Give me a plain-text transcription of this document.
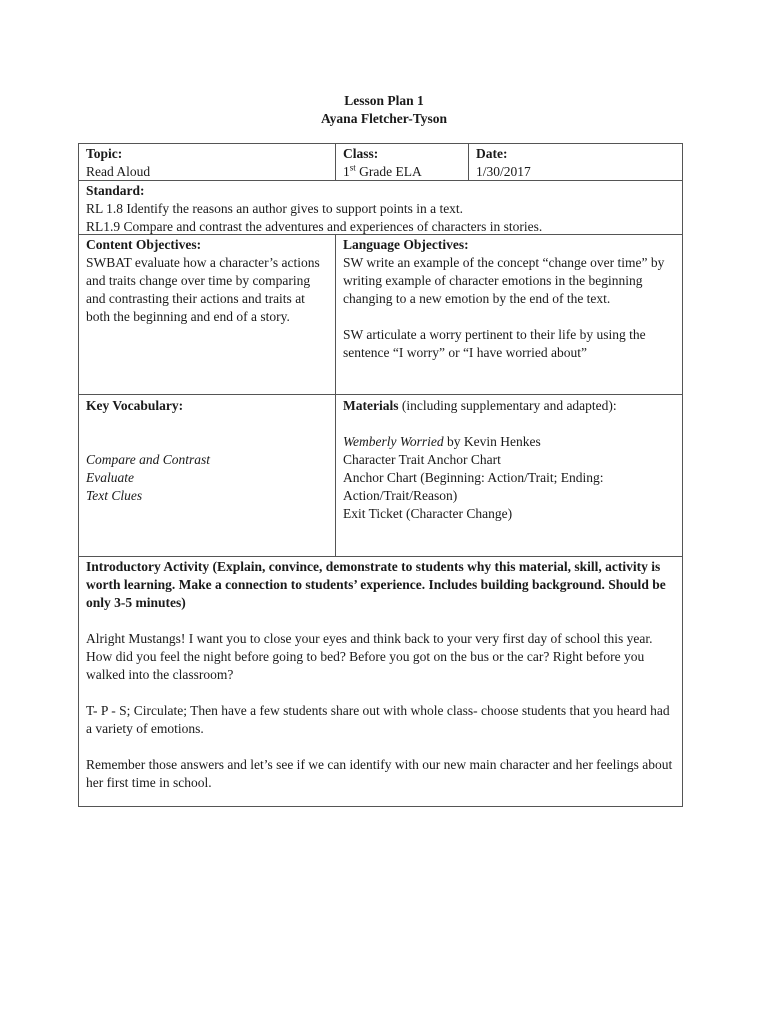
Lesson Plan 1
Ayana Fletcher-Tyson
Topic:
Read Aloud
Class:
1st Grade ELA
Date:
1/30/2017
Standard:
RL 1.8 Identify the reasons an author gives to support points in a text.
RL1.9 Compare and contrast the adventures and experiences of characters in stories.
Content Objectives:

SWBAT evaluate how a character’s actions and traits change over time by comparing and contrasting their actions and traits at both the beginning and end of a story.

Language Objectives:

SW write an example of the concept “change over time” by writing example of character emotions in the beginning changing to a new emotion by the end of the text.

SW articulate a worry pertinent to their life by using the sentence “I worry” or “I have worried about”

Key Vocabulary:
Compare and Contrast
Evaluate
Text Clues
Materials (including supplementary and adapted):
Wemberly Worried by Kevin Henkes
Character Trait Anchor Chart
Anchor Chart (Beginning: Action/Trait; Ending: Action/Trait/Reason)
Exit Ticket (Character Change)

Introductory Activity (Explain, convince, demonstrate to students why this material, skill, activity is worth learning. Make a connection to students’ experience. Includes building background. Should be only 3-5 minutes)

Alright Mustangs! I want you to close your eyes and think back to your very first day of school this year. How did you feel the night before going to bed? Before you got on the bus or the car? Right before you walked into the classroom?

T- P - S; Circulate; Then have a few students share out with whole class- choose students that you heard had a variety of emotions.

Remember those answers and let’s see if we can identify with our new main character and her feelings about her first time in school.
